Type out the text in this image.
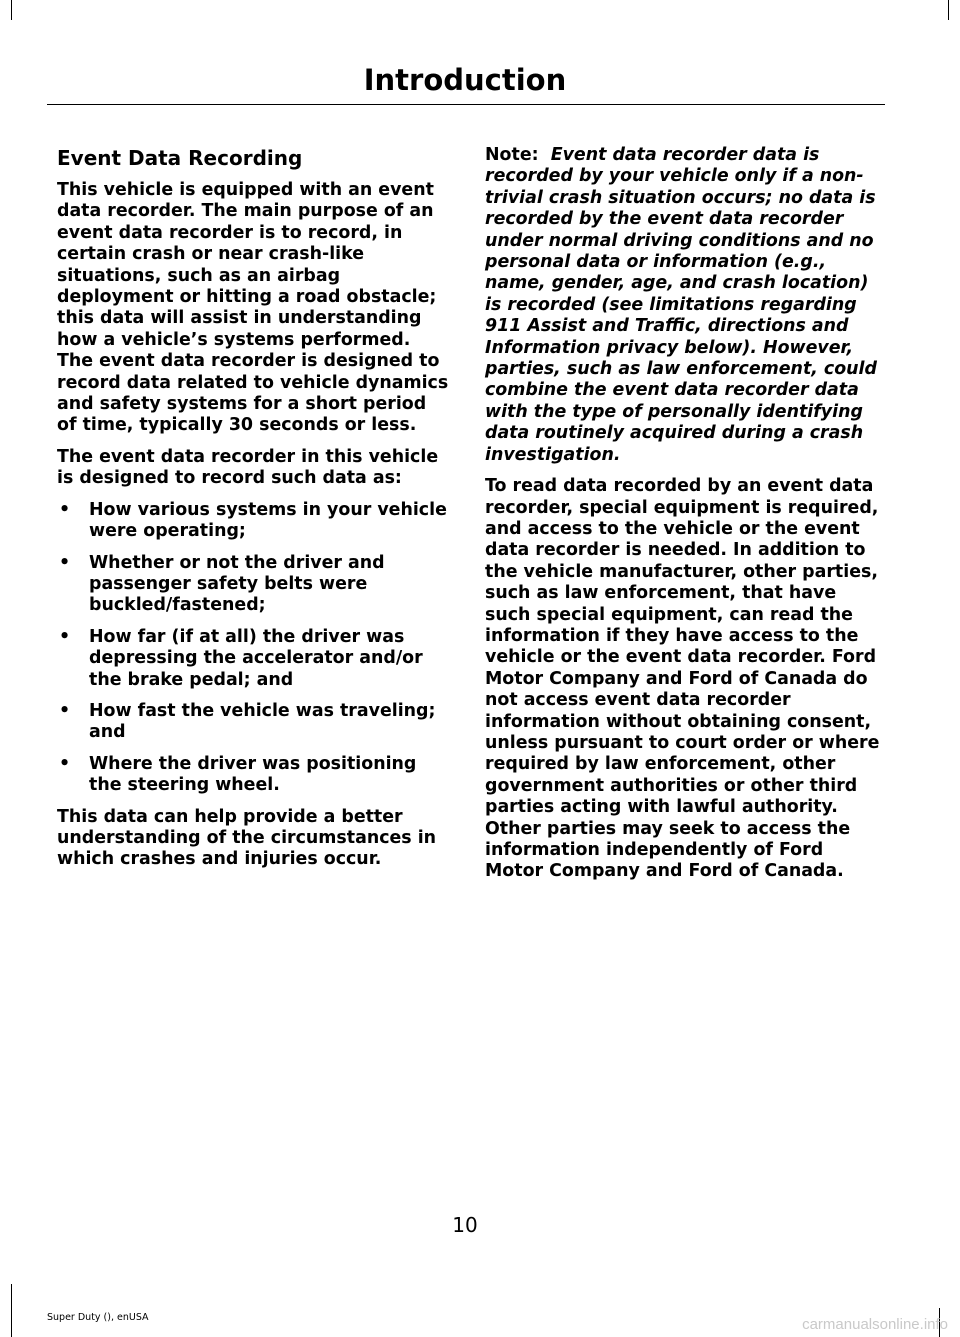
Introduction
Event Data Recording

This vehicle is equipped with an event data recorder. The main purpose of an event data recorder is to record, in certain crash or near crash-like situations, such as an airbag deployment or hitting a road obstacle; this data will assist in understanding how a vehicle’s systems performed. The event data recorder is designed to record data related to vehicle dynamics and safety systems for a short period of time, typically 30 seconds or less.

The event data recorder in this vehicle is designed to record such data as:

• How various systems in your vehicle were operating;
• Whether or not the driver and passenger safety belts were buckled/fastened;
• How far (if at all) the driver was depressing the accelerator and/or the brake pedal; and
• How fast the vehicle was traveling; and
• Where the driver was positioning the steering wheel.

This data can help provide a better understanding of the circumstances in which crashes and injuries occur.

Note: Event data recorder data is recorded by your vehicle only if a non-trivial crash situation occurs; no data is recorded by the event data recorder under normal driving conditions and no personal data or information (e.g., name, gender, age, and crash location) is recorded (see limitations regarding 911 Assist and Traffic, directions and Information privacy below). However, parties, such as law enforcement, could combine the event data recorder data with the type of personally identifying data routinely acquired during a crash investigation.

To read data recorded by an event data recorder, special equipment is required, and access to the vehicle or the event data recorder is needed. In addition to the vehicle manufacturer, other parties, such as law enforcement, that have such special equipment, can read the information if they have access to the vehicle or the event data recorder. Ford Motor Company and Ford of Canada do not access event data recorder information without obtaining consent, unless pursuant to court order or where required by law enforcement, other government authorities or other third parties acting with lawful authority. Other parties may seek to access the information independently of Ford Motor Company and Ford of Canada.

10
Super Duty (), enUSA	carmanualsonline.info
